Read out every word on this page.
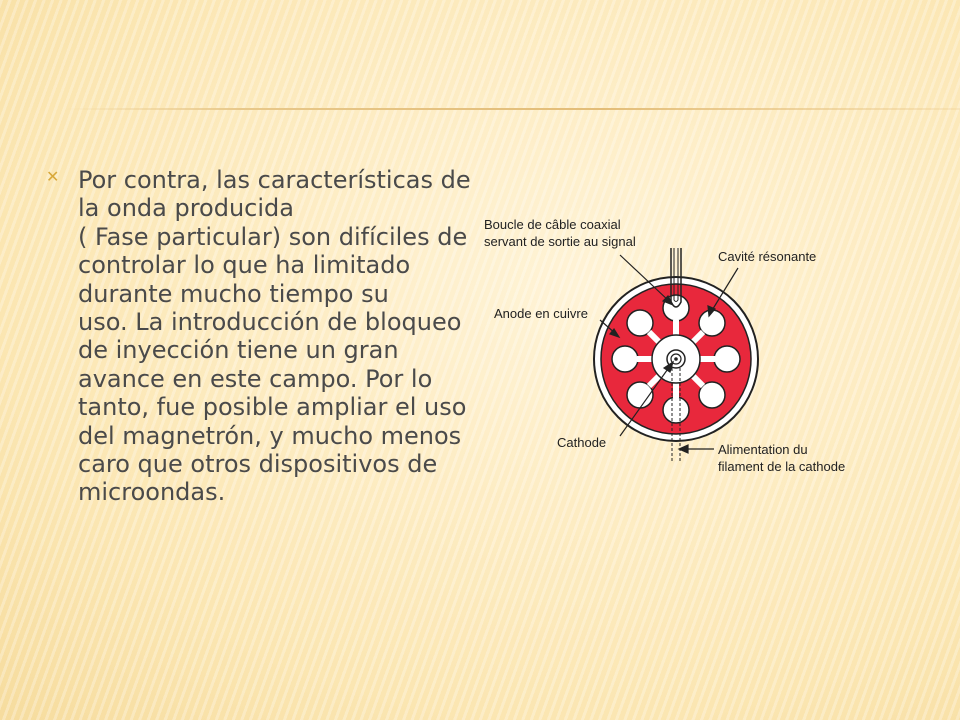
✕ Por contra, las características de
la onda producida
( Fase particular) son difíciles de
controlar lo que ha limitado
durante mucho tiempo su
uso. La introducción de bloqueo
de inyección tiene un gran
avance en este campo. Por lo
tanto, fue posible ampliar el uso
del magnetrón, y mucho menos
caro que otros dispositivos de
microondas.

Boucle de câble coaxial
servant de sortie au signal
Cavité résonante
Anode en cuivre
Cathode	Alimentation du
filament de la cathode
